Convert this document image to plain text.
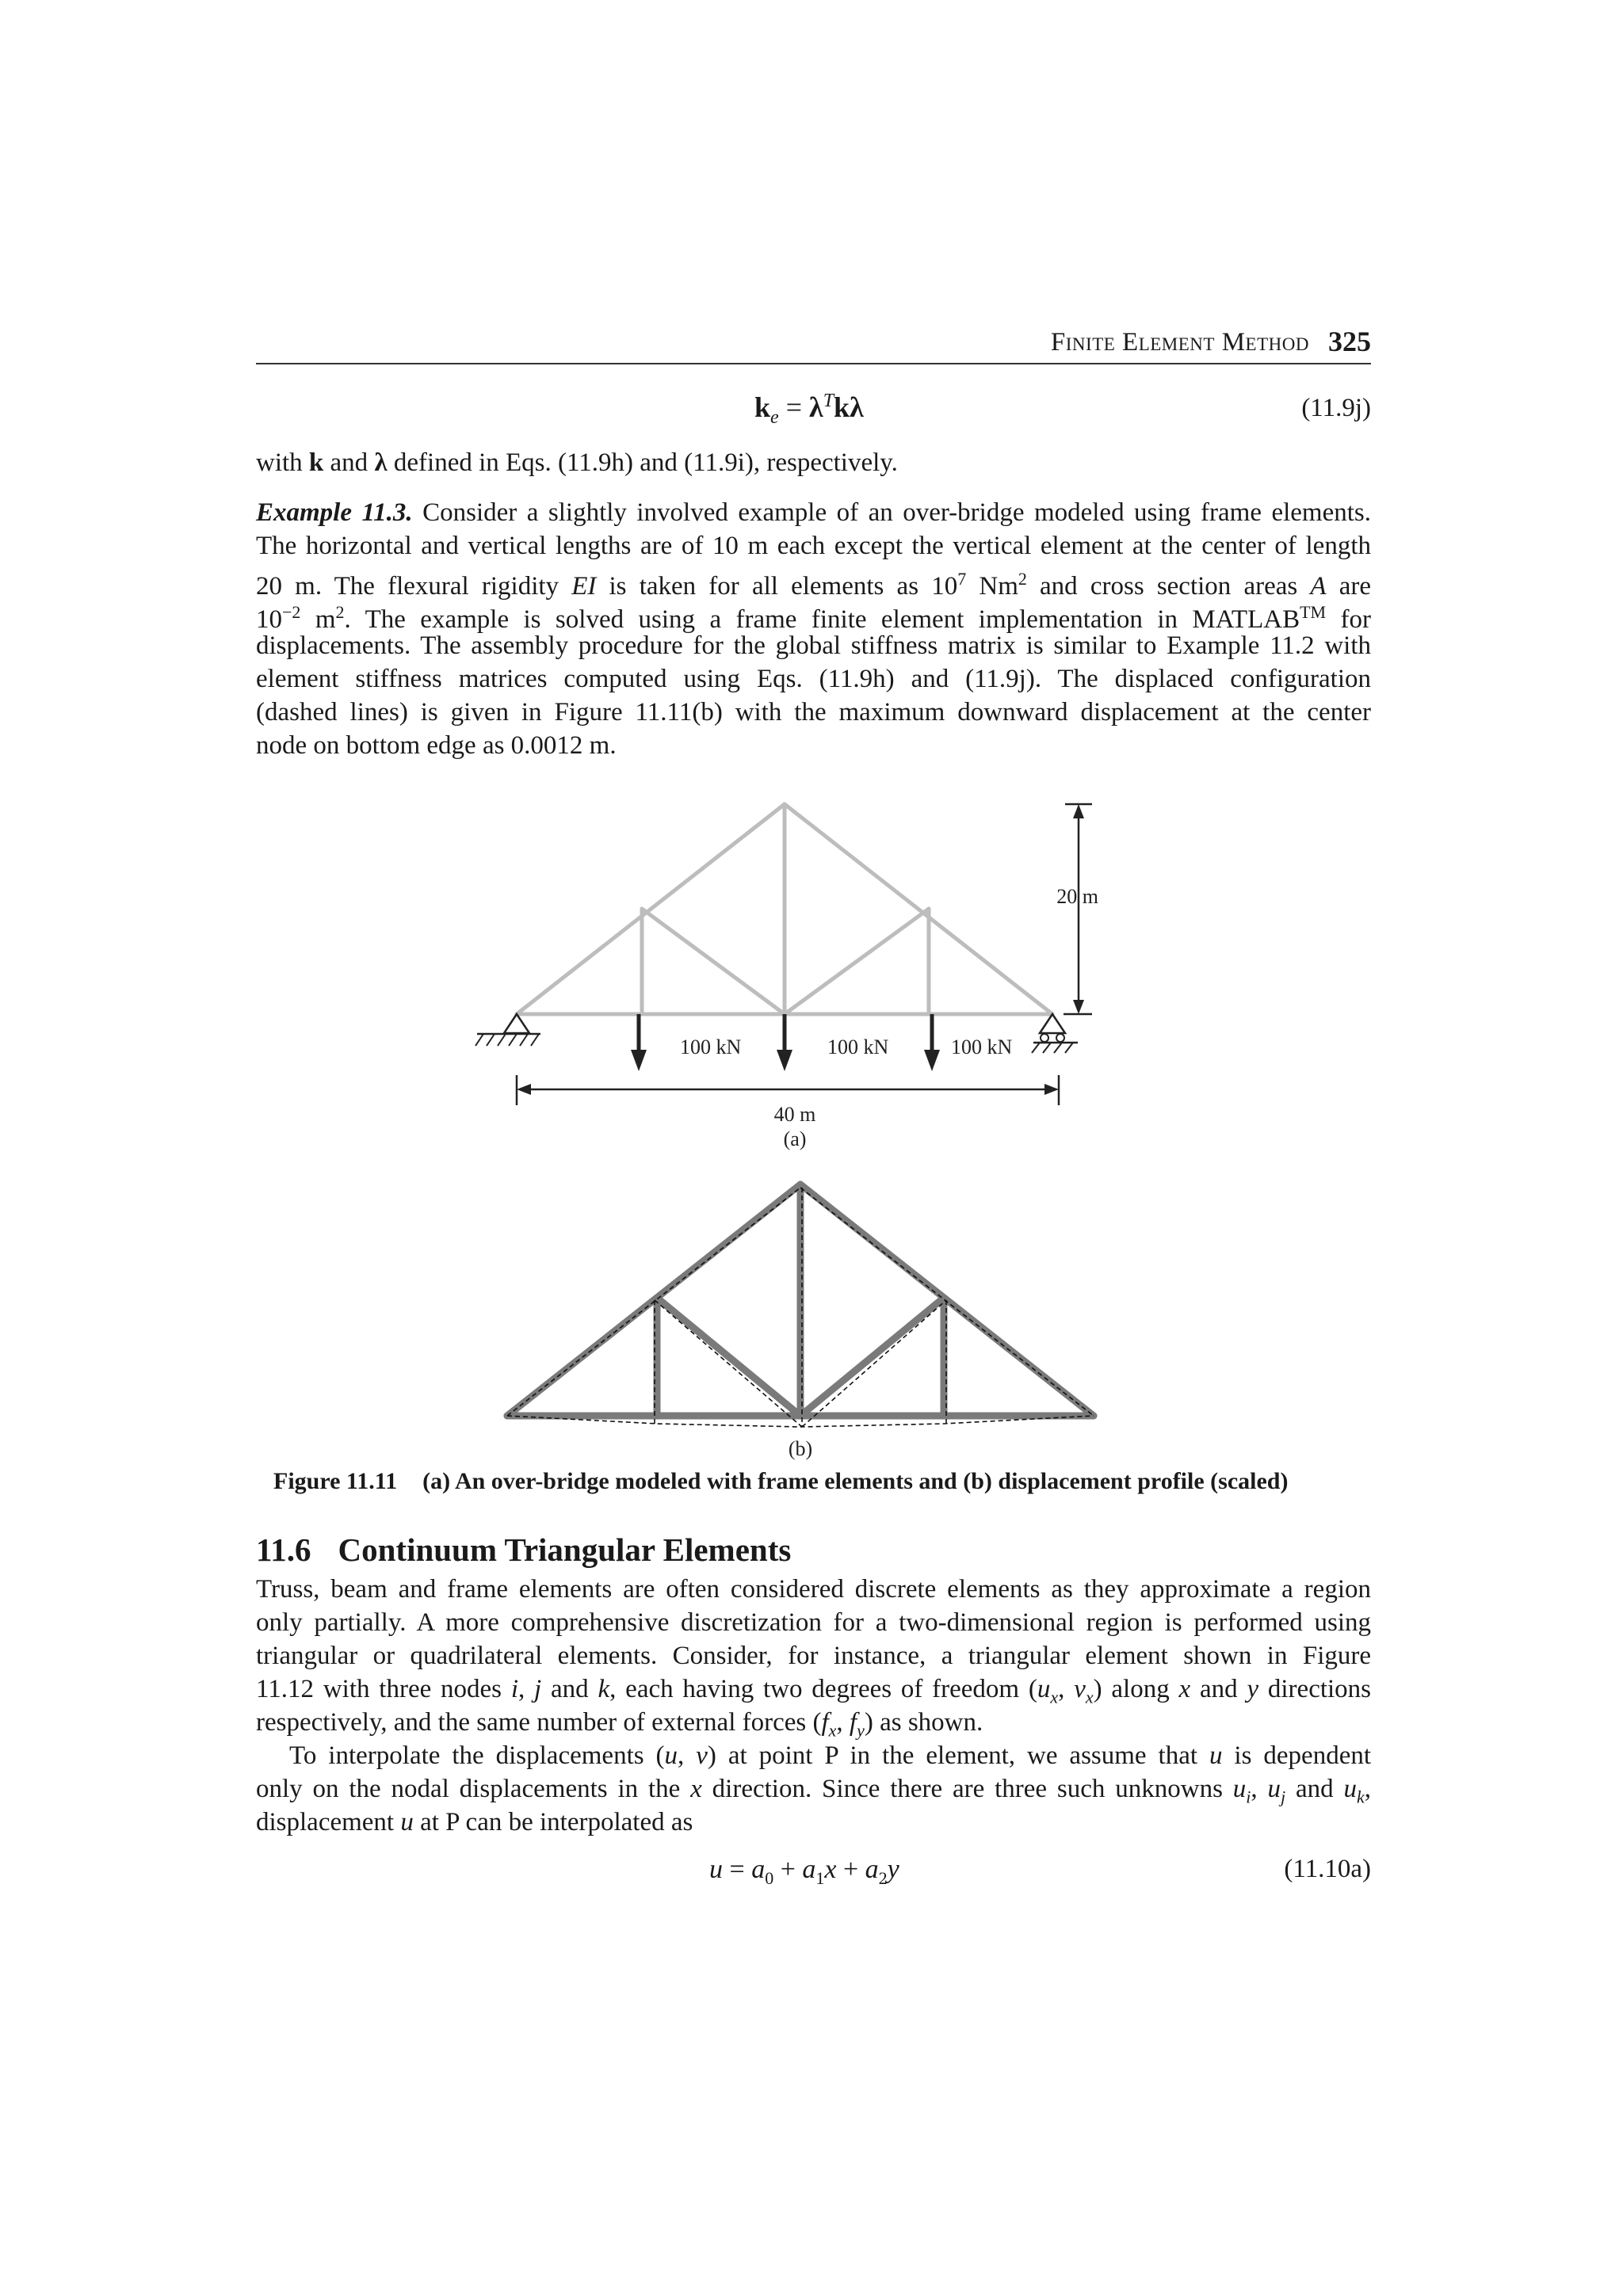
Finite Element Method 325
$k_e = \lambda^Tk\lambda$	(11.9j)
with k and λ defined in Eqs. (11.9h) and (11.9i), respectively.
Example 11.3. Consider a slightly involved example of an over-bridge modeled using frame elements.
The horizontal and vertical lengths are of 10 m each except the vertical element at the center of length
20 m. The flexural rigidity EI is taken for all elements as $10^7$ Nm$^2$ and cross section areas A are
$10^{-2}$ $m^2$. The example is solved using a frame finite element implementation in MATLAB™ for
displacements. The assembly procedure for the global stiffness matrix is similar to Example 11.2 with
element stiffness matrices computed using Eqs. (11.9h) and (11.9j). The displaced configuration
(dashed lines) is given in Figure 11.11(b) with the maximum downward displacement at the center
node on bottom edge as 0.0012 m.
100 kN	100 kN	100 kN
20 m
40 m
(a)
(b)
Figure 11.11 (a) An over-bridge modeled with frame elements and (b) displacement profile (scaled)
11.6 Continuum Triangular Elements
Truss, beam and frame elements are often considered discrete elements as they approximate a region
only partially. A more comprehensive discretization for a two-dimensional region is performed using
triangular or quadrilateral elements. Consider, for instance, a triangular element shown in Figure
11.12 with three nodes i, j and k, each having two degrees of freedom ($u_x$, $v_x$) along x and y directions
respectively, and the same number of external forces ($f_x$, $f_y$) as shown.
To interpolate the displacements (u, v) at point P in the element, we assume that u is dependent
only on the nodal displacements in the x direction. Since there are three such unknowns $u_i$, $u_j$ and $u_k$,
displacement u at P can be interpolated as
$u = a_0 + a_1x + a_2y$	(11.10a)
